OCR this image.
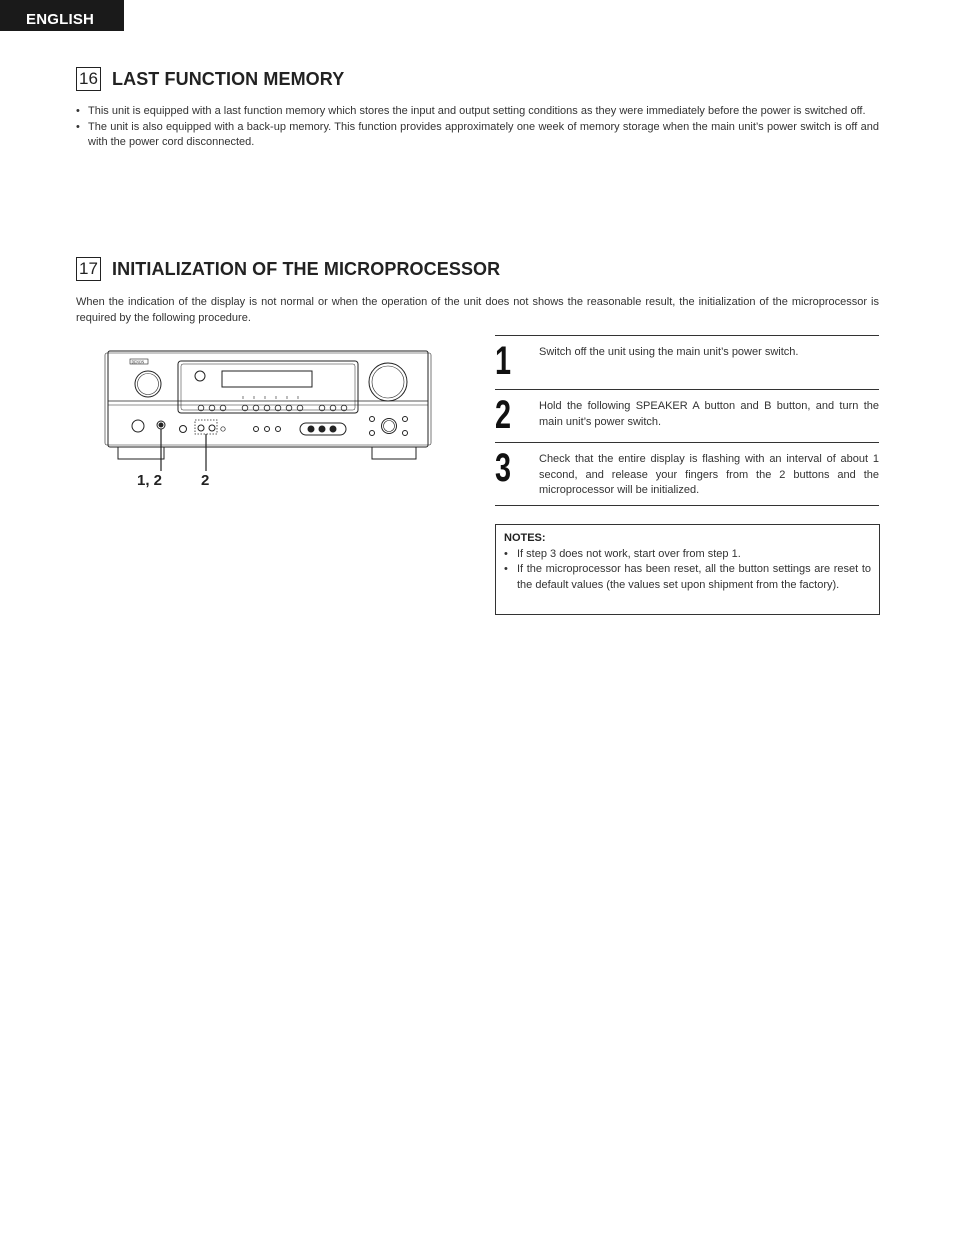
ENGLISH
16 LAST FUNCTION MEMORY
• This unit is equipped with a last function memory which stores the input and output setting conditions as they were immediately before the power is switched off.
• The unit is also equipped with a back-up memory. This function provides approximately one week of memory storage when the main unit’s power switch is off and with the power cord disconnected.
17 INITIALIZATION OF THE MICROPROCESSOR

When the indication of the display is not normal or when the operation of the unit does not shows the reasonable result, the initialization of the microprocessor is required by the following procedure.

DENON
1, 2	2
1	Switch off the unit using the main unit’s power switch.
2	Hold the following SPEAKER A button and B button, and turn the main unit’s power switch.
3	Check that the entire display is flashing with an interval of about 1 second, and release your fingers from the 2 buttons and the microprocessor will be initialized.
NOTES:
• If step 3 does not work, start over from step 1.
• If the microprocessor has been reset, all the button settings are reset to the default values (the values set upon shipment from the factory).
